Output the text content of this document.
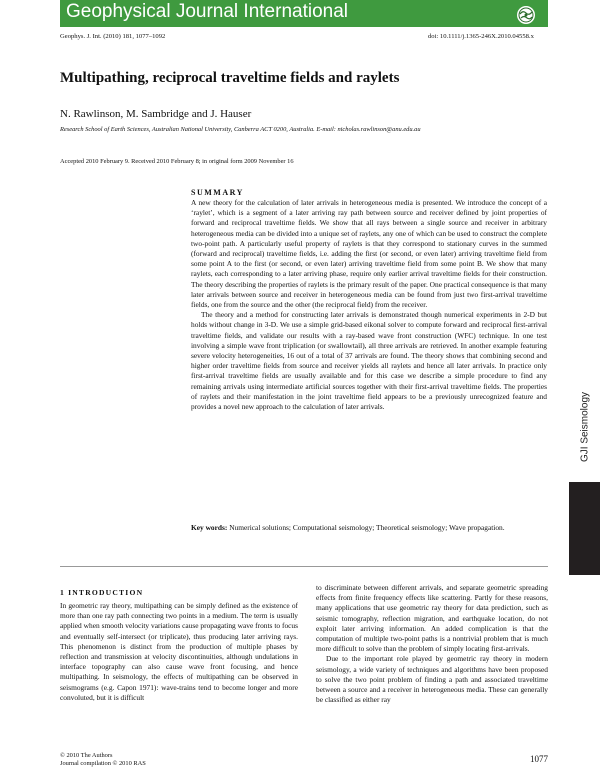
Geophysical Journal International
Geophys. J. Int. (2010) 181, 1077–1092	doi: 10.1111/j.1365-246X.2010.04558.x
Multipathing, reciprocal traveltime fields and raylets
N. Rawlinson, M. Sambridge and J. Hauser
Research School of Earth Sciences, Australian National University, Canberra ACT 0200, Australia. E-mail: nicholas.rawlinson@anu.edu.au
Accepted 2010 February 9. Received 2010 February 8; in original form 2009 November 16
SUMMARY

A new theory for the calculation of later arrivals in heterogeneous media is presented. We introduce the concept of a ‘raylet’, which is a segment of a later arriving ray path between source and receiver defined by joint properties of forward and reciprocal traveltime fields. We show that all rays between a single source and receiver in arbitrary heterogeneous media can be divided into a unique set of raylets, any one of which can be used to construct the complete two-point path. A particularly useful property of raylets is that they correspond to stationary curves in the summed (forward and reciprocal) traveltime fields, i.e. adding the first (or second, or even later) arriving traveltime field from some point A to the first (or second, or even later) arriving traveltime field from some point B. We show that many raylets, each corresponding to a later arriving phase, require only earlier arrival traveltime fields for their construction. The theory describing the properties of raylets is the primary result of the paper. One practical consequence is that many later arrivals between source and receiver in heterogeneous media can be found from just two first-arrival traveltime fields, one from the source and the other (the reciprocal field) from the receiver.

The theory and a method for constructing later arrivals is demonstrated though numerical experiments in 2-D but holds without change in 3-D. We use a simple grid-based eikonal solver to compute forward and reciprocal first-arrival traveltime fields, and validate our results with a ray-based wave front construction (WFC) technique. In one test involving a simple wave front triplication (or swallowtail), all three arrivals are retrieved. In another example featuring severe velocity heterogeneities, 16 out of a total of 37 arrivals are found. The theory shows that combining second and higher order traveltime fields from source and receiver yields all raylets and hence all later arrivals. In practice only first-arrival traveltime fields are usually available and for this case we describe a simple procedure to find any remaining arrivals using intermediate artificial sources together with their first-arrival traveltime fields. The properties of raylets and their manifestation in the joint traveltime field appears to be a previously unrecognized feature and provides a novel new approach to the calculation of later arrivals.

Key words: Numerical solutions; Computational seismology; Theoretical seismology; Wave propagation.
1 INTRODUCTION

In geometric ray theory, multipathing can be simply defined as the existence of more than one ray path connecting two points in a medium. The term is usually applied when smooth velocity variations cause propagating wave fronts to focus and eventually self-intersect (or triplicate), thus producing later arriving rays. This phenomenon is distinct from the production of multiple phases by reflection and transmission at velocity discontinuities, although undulations in interface topography can also cause wave front focusing, and hence multipathing. In seismology, the effects of multipathing can be observed in seismograms (e.g. Capon 1971): wave-trains tend to become longer and more convoluted, but it is difficult

to discriminate between different arrivals, and separate geometric spreading effects from finite frequency effects like scattering. Partly for these reasons, many applications that use geometric ray theory for data prediction, such as seismic tomography, reflection migration, and earthquake location, do not exploit later arriving information. An added complication is that the computation of multiple two-point paths is a nontrivial problem that is much more difficult to solve than the problem of simply locating first-arrivals.

Due to the important role played by geometric ray theory in modern seismology, a wide variety of techniques and algorithms have been proposed to solve the two point problem of finding a path and associated traveltime between a source and a receiver in heterogeneous media. These can generally be classified as either ray

GJI Seismology
© 2010 The Authors
Journal compilation © 2010 RAS	1077
